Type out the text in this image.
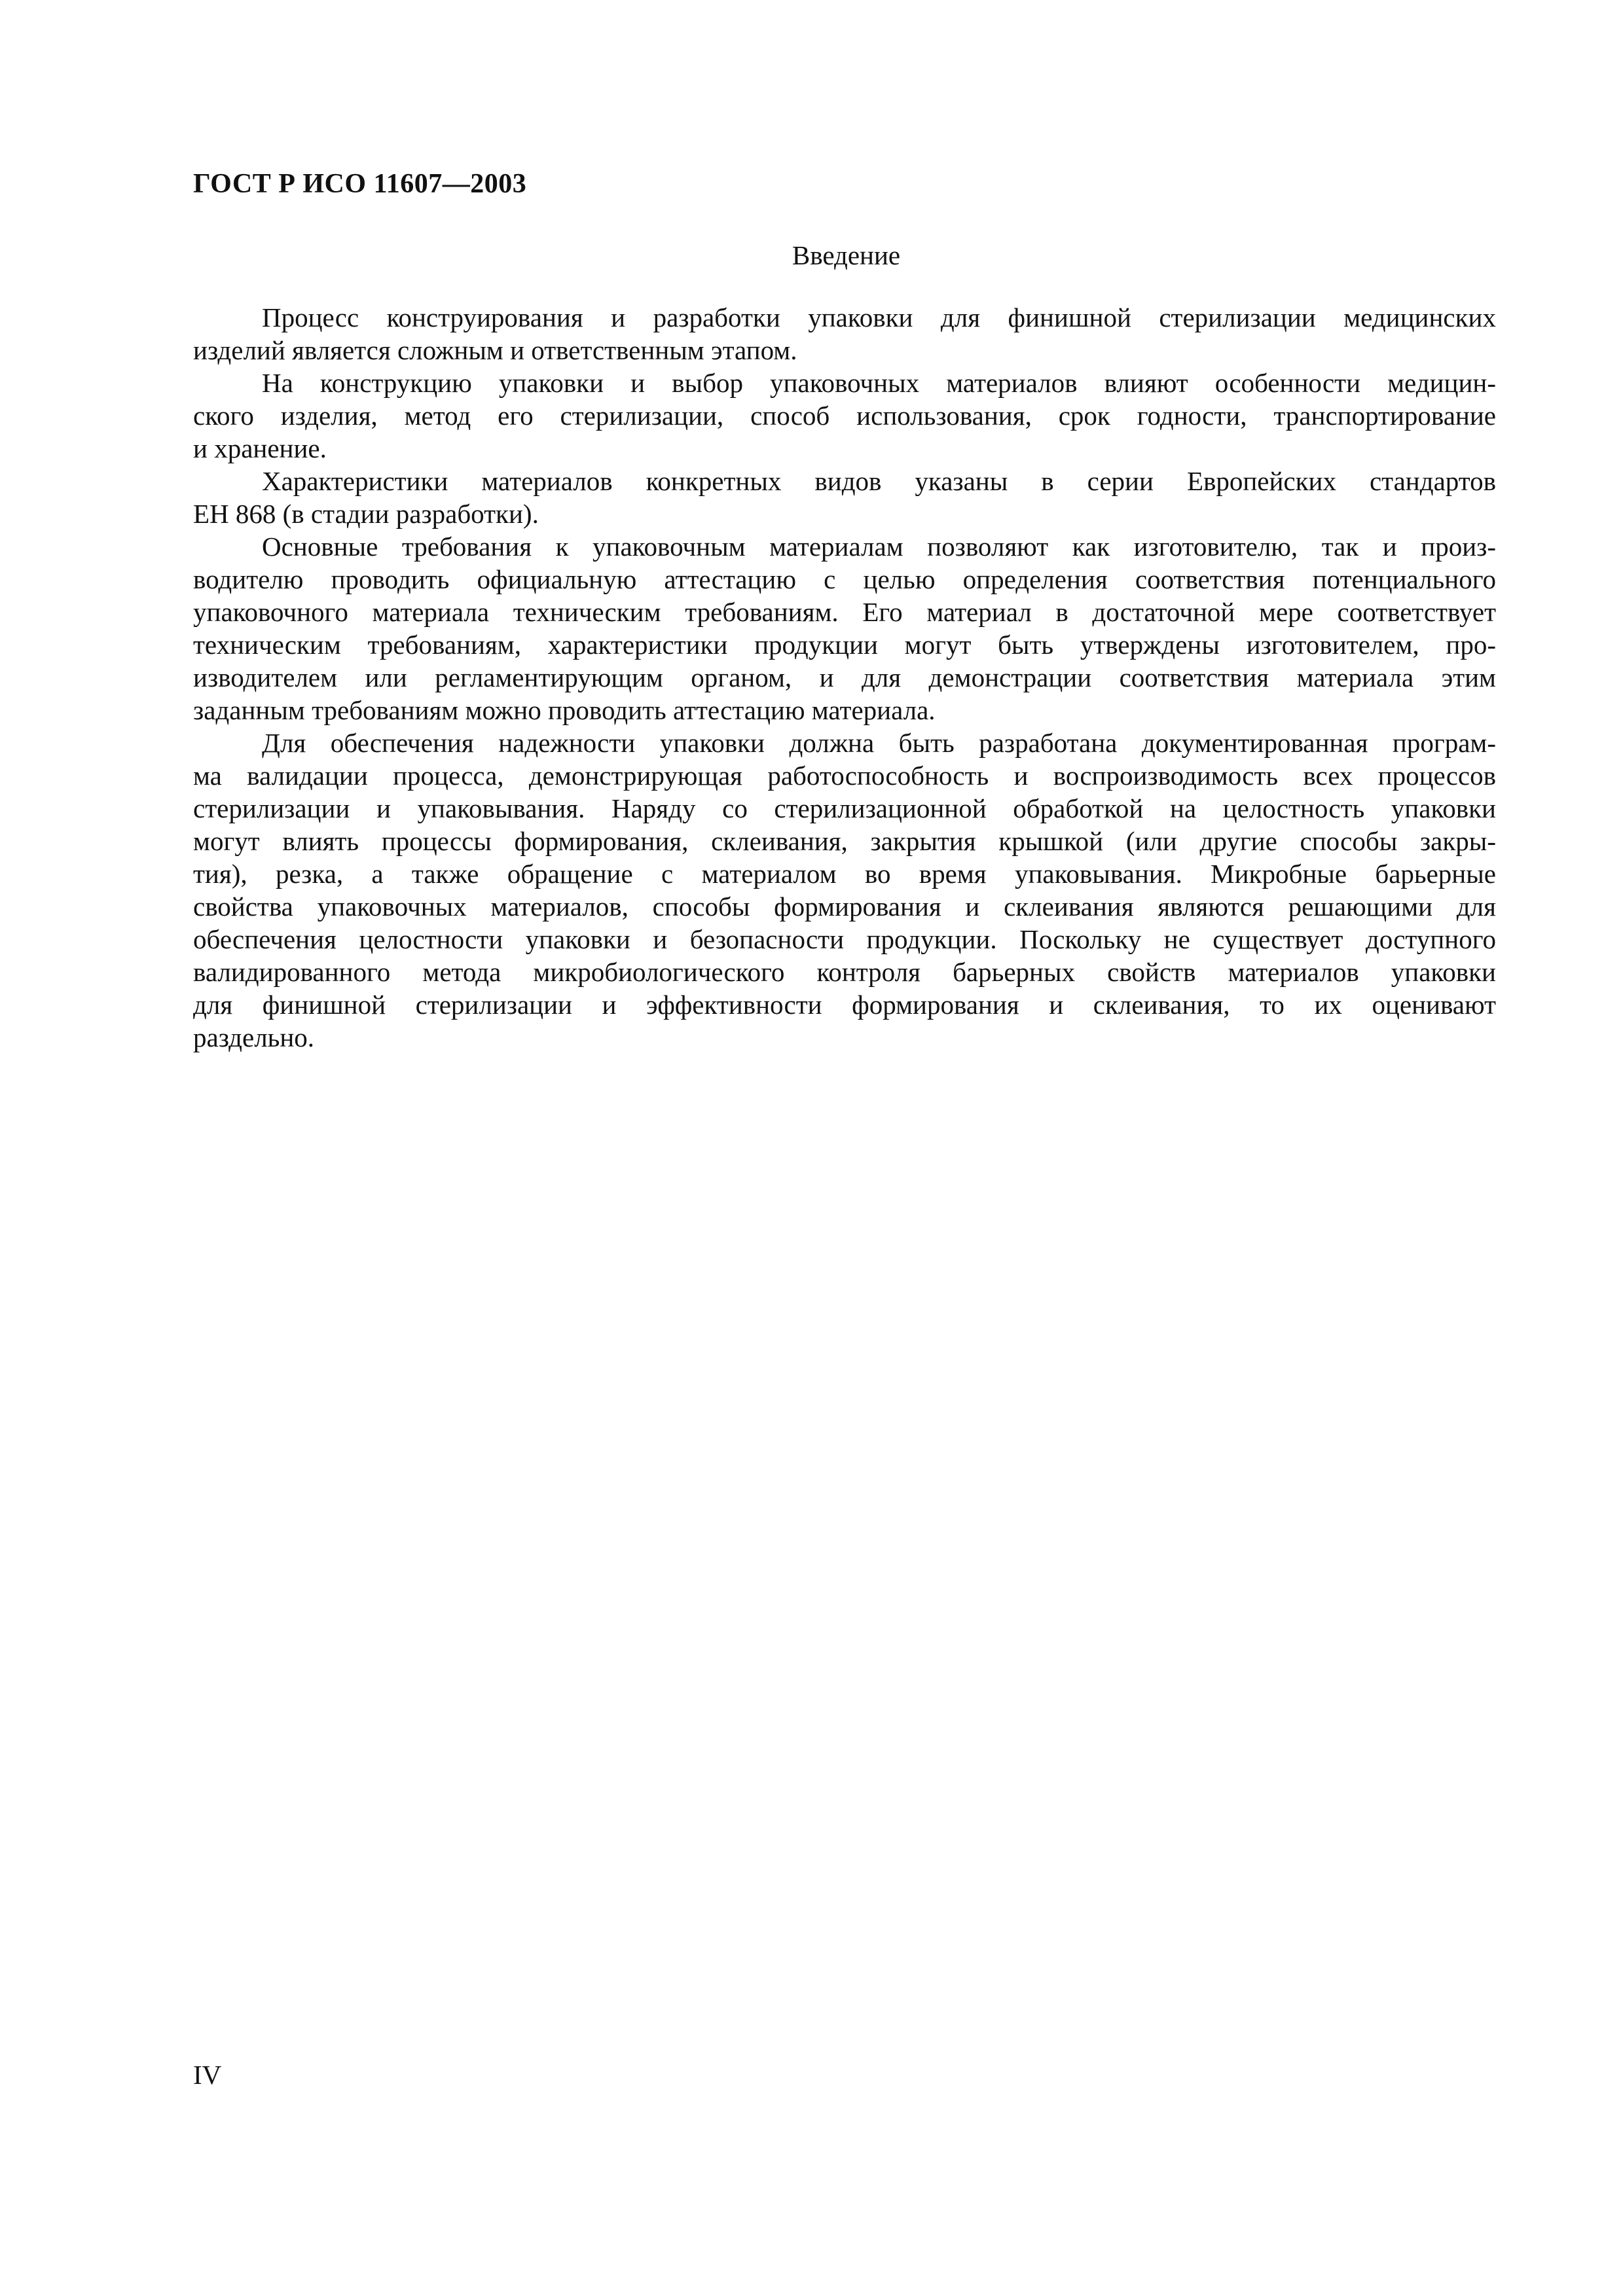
ГОСТ Р ИСО 11607—2003
Введение

Процесс конструирования и разработки упаковки для финишной стерилизации медицинских
изделий является сложным и ответственным этапом.

На конструкцию упаковки и выбор упаковочных материалов влияют особенности медицин-
ского изделия, метод его стерилизации, способ использования, срок годности, транспортирование
и хранение.

Характеристики материалов конкретных видов указаны в серии Европейских стандартов
ЕН 868 (в стадии разработки).

Основные требования к упаковочным материалам позволяют как изготовителю, так и произ-
водителю проводить официальную аттестацию с целью определения соответствия потенциального
упаковочного материала техническим требованиям. Его материал в достаточной мере соответствует
техническим требованиям, характеристики продукции могут быть утверждены изготовителем, про-
изводителем или регламентирующим органом, и для демонстрации соответствия материала этим
заданным требованиям можно проводить аттестацию материала.

Для обеспечения надежности упаковки должна быть разработана документированная програм-
ма валидации процесса, демонстрирующая работоспособность и воспроизводимость всех процессов
стерилизации и упаковывания. Наряду со стерилизационной обработкой на целостность упаковки
могут влиять процессы формирования, склеивания, закрытия крышкой (или другие способы закры-
тия), резка, а также обращение с материалом во время упаковывания. Микробные барьерные
свойства упаковочных материалов, способы формирования и склеивания являются решающими для
обеспечения целостности упаковки и безопасности продукции. Поскольку не существует доступного
валидированного метода микробиологического контроля барьерных свойств материалов упаковки
для финишной стерилизации и эффективности формирования и склеивания, то их оценивают
раздельно.

IV
